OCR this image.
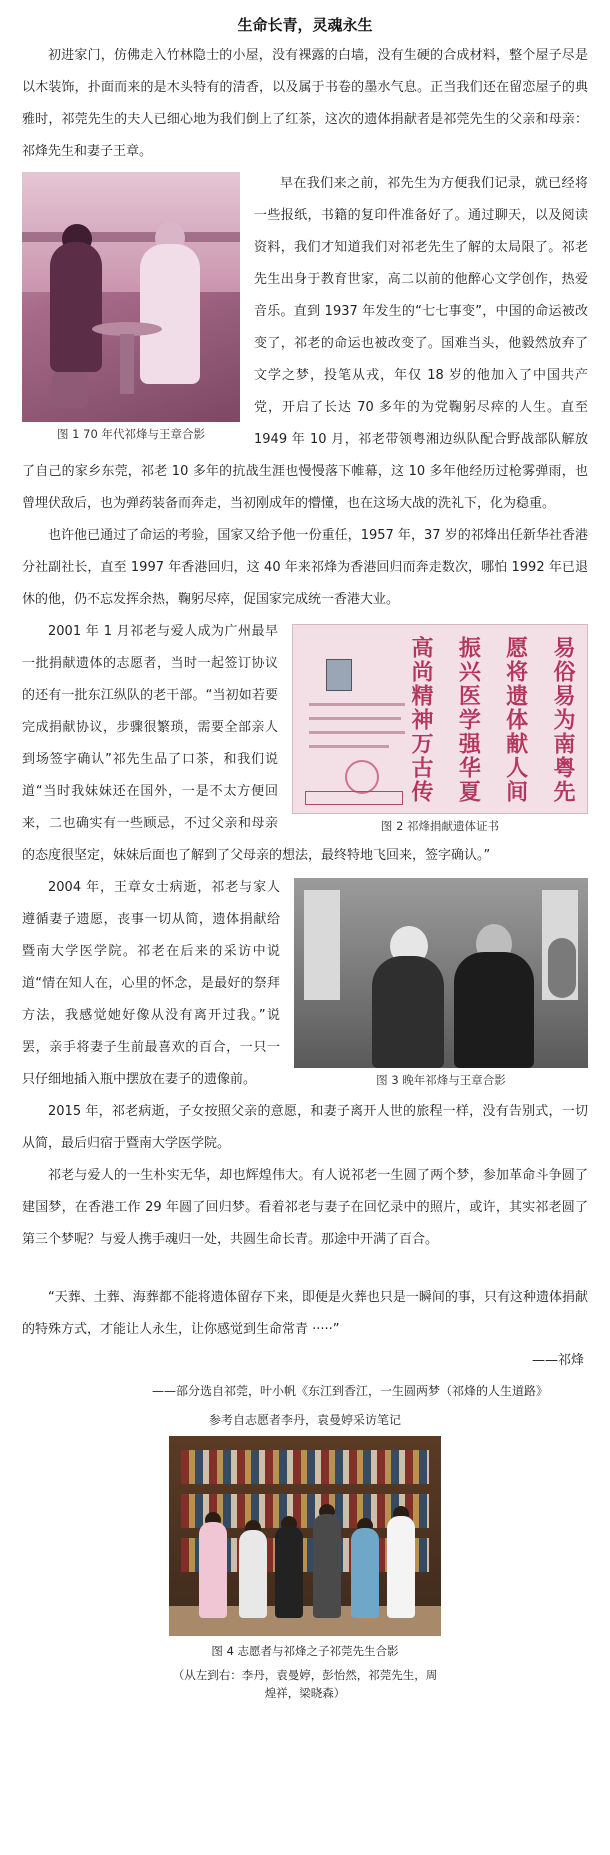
生命长青，灵魂永生

初进家门，仿佛走入竹林隐士的小屋，没有裸露的白墙，没有生硬的合成材料，整个屋子尽是以木装饰，扑面而来的是木头特有的清香，以及属于书卷的墨水气息。正当我们还在留恋屋子的典雅时，祁莞先生的夫人已细心地为我们倒上了红茶，这次的遗体捐献者是祁莞先生的父亲和母亲：祁烽先生和妻子王章。

图 1 70 年代祁烽与王章合影

早在我们来之前，祁先生为方便我们记录，就已经将一些报纸，书籍的复印件准备好了。通过聊天，以及阅读资料，我们才知道我们对祁老先生了解的太局限了。祁老先生出身于教育世家，高二以前的他醉心文学创作，热爱音乐。直到 1937 年发生的“七七事变”，中国的命运被改变了，祁老的命运也被改变了。国难当头，他毅然放弃了文学之梦，投笔从戎，年仅 18 岁的他加入了中国共产党，开启了长达 70 多年的为党鞠躬尽瘁的人生。直至 1949 年 10 月，祁老带领粤湘边纵队配合野战部队解放了自己的家乡东莞，祁老 10 多年的抗战生涯也慢慢落下帷幕，这 10 多年他经历过枪雾弹雨，也曾埋伏敌后，也为弹药装备而奔走，当初刚成年的懵懂，也在这场大战的洗礼下，化为稳重。

也许他已通过了命运的考验，国家又给予他一份重任，1957 年，37 岁的祁烽出任新华社香港分社副社长，直至 1997 年香港回归，这 40 年来祁烽为香港回归而奔走数次，哪怕 1992 年已退休的他，仍不忘发挥余热，鞠躬尽瘁，促国家完成统一香港大业。

易俗易为南粤先
愿将遗体献人间
振兴医学强华夏
高尚精神万古传
图 2 祁烽捐献遗体证书

2001 年 1 月祁老与爱人成为广州最早一批捐献遗体的志愿者，当时一起签订协议的还有一批东江纵队的老干部。“当初如若要完成捐献协议，步骤很繁琐，需要全部亲人到场签字确认”祁先生品了口茶，和我们说道“当时我妹妹还在国外，一是不太方便回来，二也确实有一些顾忌，不过父亲和母亲的态度很坚定，妹妹后面也了解到了父母亲的想法，最终特地飞回来，签字确认。”

图 3 晚年祁烽与王章合影

2004 年，王章女士病逝，祁老与家人遵循妻子遗愿，丧事一切从简，遗体捐献给暨南大学医学院。祁老在后来的采访中说道“情在知人在，心里的怀念，是最好的祭拜方法，我感觉她好像从没有离开过我。”说罢，亲手将妻子生前最喜欢的百合，一只一只仔细地插入瓶中摆放在妻子的遗像前。

2015 年，祁老病逝，子女按照父亲的意愿，和妻子离开人世的旅程一样，没有告别式，一切从简，最后归宿于暨南大学医学院。

祁老与爱人的一生朴实无华，却也辉煌伟大。有人说祁老一生圆了两个梦，参加革命斗争圆了建国梦，在香港工作 29 年圆了回归梦。看着祁老与妻子在回忆录中的照片，或许，其实祁老圆了第三个梦呢？与爱人携手魂归一处，共圆生命长青。那途中开满了百合。

“天葬、土葬、海葬都不能将遗体留存下来，即便是火葬也只是一瞬间的事，只有这种遗体捐献的特殊方式，才能让人永生，让你感觉到生命常青 ·····”

——祁烽
——部分选自祁莞，叶小帆《东江到香江，一生圆两梦（祁烽的人生道路》
参考自志愿者李丹，袁曼婷采访笔记
图 4 志愿者与祁烽之子祁莞先生合影
（从左到右：李丹，袁曼婷，彭怡然，祁莞先生，周煌祥，梁晓森）
